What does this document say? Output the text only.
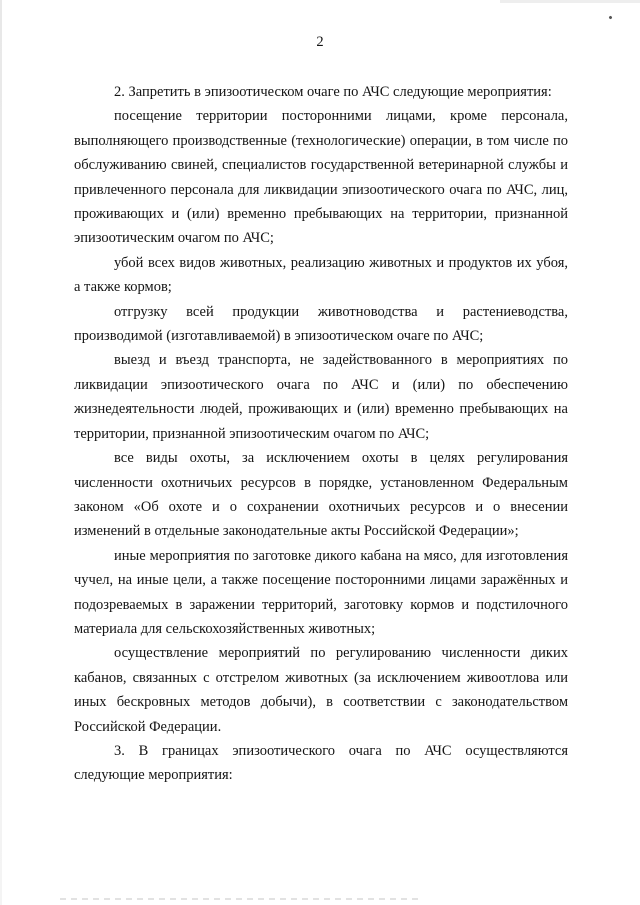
2

2. Запретить в эпизоотическом очаге по АЧС следующие мероприятия:

посещение территории посторонними лицами, кроме персонала, выполняющего производственные (технологические) операции, в том числе по обслуживанию свиней, специалистов государственной ветеринарной службы и привлеченного персонала для ликвидации эпизоотического очага по АЧС, лиц, проживающих и (или) временно пребывающих на территории, признанной эпизоотическим очагом по АЧС;

убой всех видов животных, реализацию животных и продуктов их убоя, а также кормов;

отгрузку всей продукции животноводства и растениеводства, производимой (изготавливаемой) в эпизоотическом очаге по АЧС;

выезд и въезд транспорта, не задействованного в мероприятиях по ликвидации эпизоотического очага по АЧС и (или) по обеспечению жизнедеятельности людей, проживающих и (или) временно пребывающих на территории, признанной эпизоотическим очагом по АЧС;

все виды охоты, за исключением охоты в целях регулирования численности охотничьих ресурсов в порядке, установленном Федеральным законом «Об охоте и о сохранении охотничьих ресурсов и о внесении изменений в отдельные законодательные акты Российской Федерации»;

иные мероприятия по заготовке дикого кабана на мясо, для изготовления чучел, на иные цели, а также посещение посторонними лицами заражённых и подозреваемых в заражении территорий, заготовку кормов и подстилочного материала для сельскохозяйственных животных;

осуществление мероприятий по регулированию численности диких кабанов, связанных с отстрелом животных (за исключением живоотлова или иных бескровных методов добычи), в соответствии с законодательством Российской Федерации.

3. В границах эпизоотического очага по АЧС осуществляются следующие мероприятия:
